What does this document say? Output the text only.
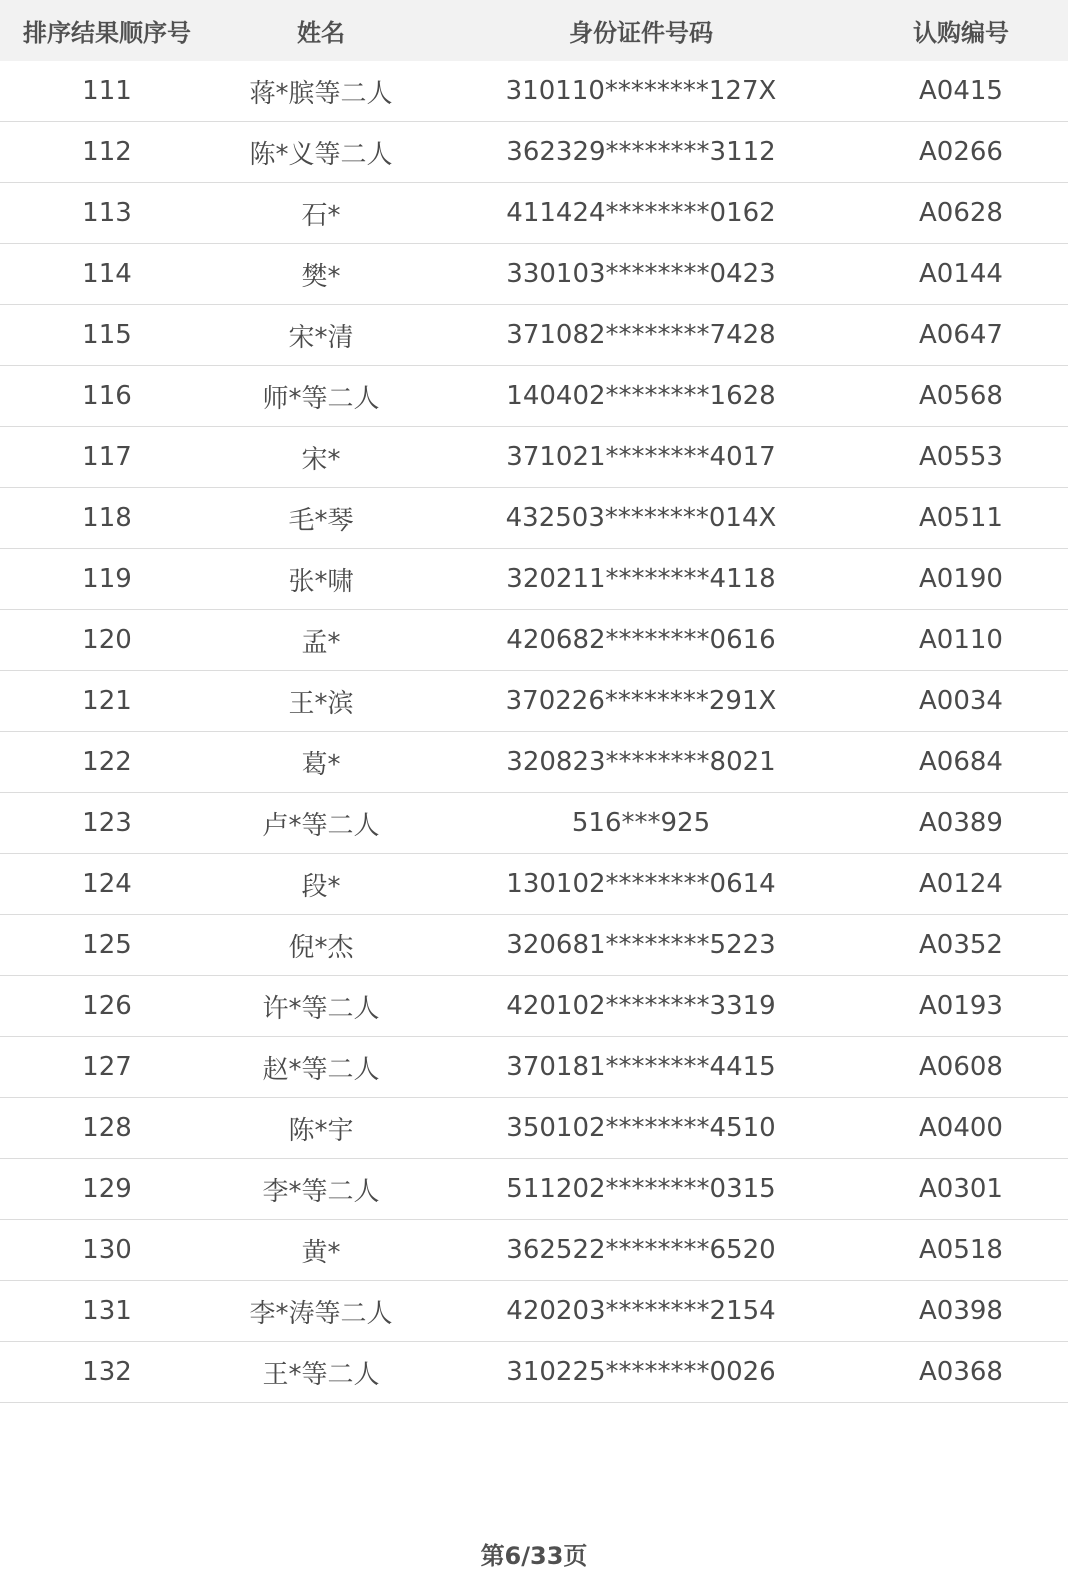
排序结果顺序号	姓名	身份证件号码	认购编号
111	蒋*膑等二人	310110********127X	A0415
112	陈*义等二人	362329********3112	A0266
113	石*	411424********0162	A0628
114	樊*	330103********0423	A0144
115	宋*清	371082********7428	A0647
116	师*等二人	140402********1628	A0568
117	宋*	371021********4017	A0553
118	毛*琴	432503********014X	A0511
119	张*啸	320211********4118	A0190
120	孟*	420682********0616	A0110
121	王*滨	370226********291X	A0034
122	葛*	320823********8021	A0684
123	卢*等二人	516***925	A0389
124	段*	130102********0614	A0124
125	倪*杰	320681********5223	A0352
126	许*等二人	420102********3319	A0193
127	赵*等二人	370181********4415	A0608
128	陈*宇	350102********4510	A0400
129	李*等二人	511202********0315	A0301
130	黄*	362522********6520	A0518
131	李*涛等二人	420203********2154	A0398
132	王*等二人	310225********0026	A0368
第6/33页
